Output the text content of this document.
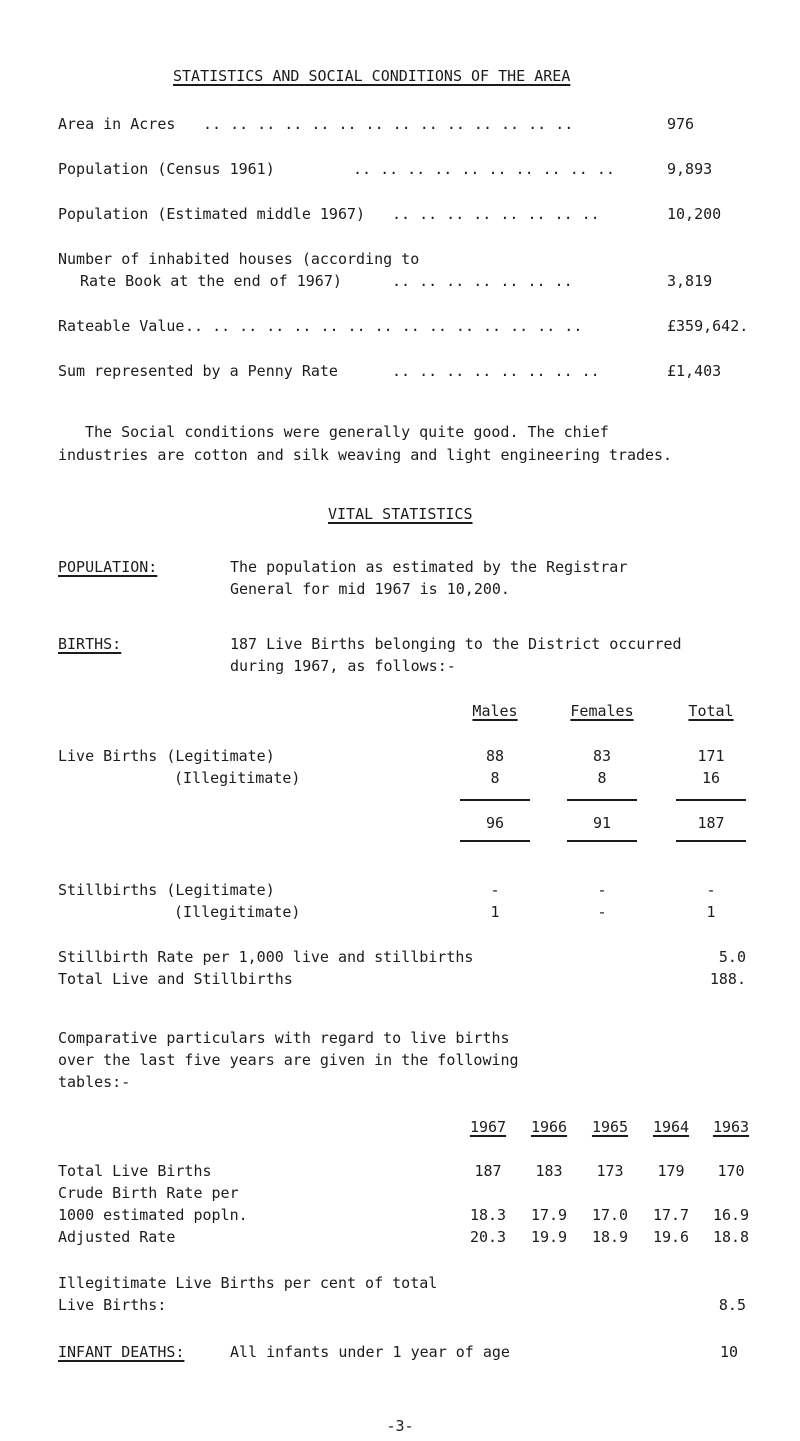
STATISTICS AND SOCIAL CONDITIONS OF THE AREA
Area in Acres .. .. .. .. .. .. .. .. .. .. .. .. .. ..	976
Population (Census 1961)	.. .. .. .. .. .. .. .. .. ..	9,893
Population (Estimated middle 1967) .. .. .. .. .. .. .. ..	10,200
Number of inhabited houses (according to
Rate Book at the end of 1967)	.. .. .. .. .. .. ..	3,819
Rateable Value .. .. .. .. .. .. .. .. .. .. .. .. .. .. ..	£359,642.
Sum represented by a Penny Rate	.. .. .. .. .. .. .. ..	£1,403
The Social conditions were generally quite good. The chief
industries are cotton and silk weaving and light engineering trades.
VITAL STATISTICS
POPULATION:	The population as estimated by the Registrar
General for mid 1967 is 10,200.
BIRTHS:	187 Live Births belonging to the District occurred
during 1967, as follows:-
Males	Females	Total
Live Births (Legitimate)	88	83	171
(Illegitimate)	8	8	16
96	91	187
Stillbirths (Legitimate)	-	-	-
(Illegitimate)	1	-	1
Stillbirth Rate per 1,000 live and stillbirths	5.0
Total Live and Stillbirths	188.
Comparative particulars with regard to live births
over the last five years are given in the following
tables:-
1967	1966	1965	1964	1963
Total Live Births	187	183	173	179	170
Crude Birth Rate per
1000 estimated popln.	18.3	17.9	17.0	17.7	16.9
Adjusted Rate	20.3	19.9	18.9	19.6	18.8
Illegitimate Live Births per cent of total
Live Births:	8.5
INFANT DEATHS:	All infants under 1 year of age	10
-3-
